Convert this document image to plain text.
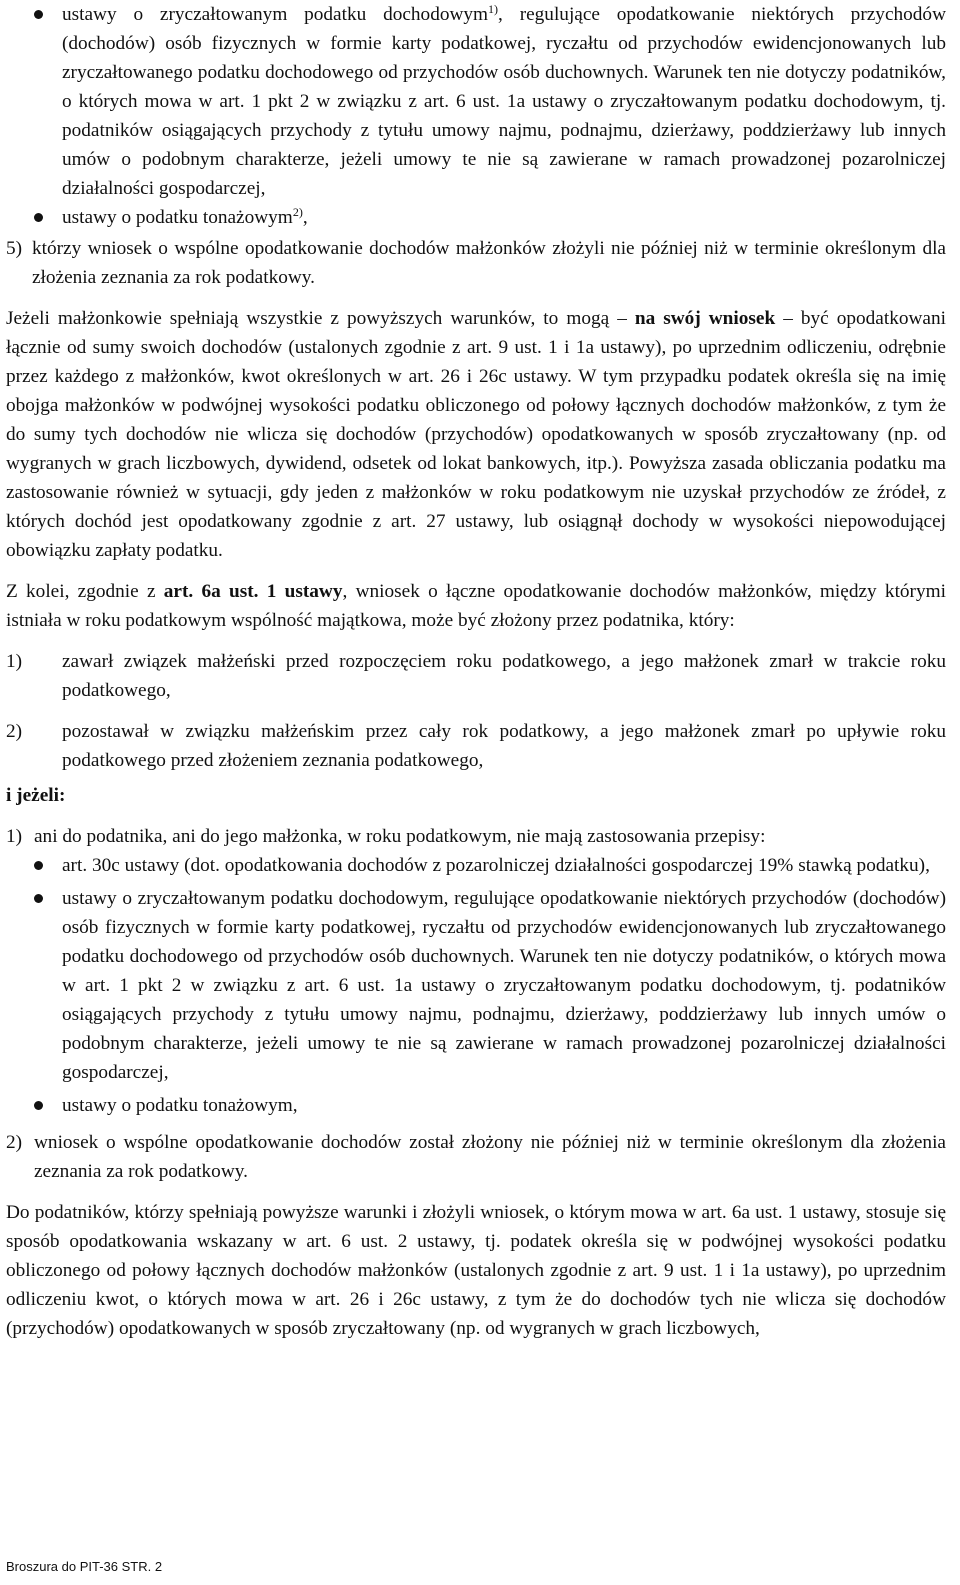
ustawy o zryczałtowanym podatku dochodowym$^{1)}$, regulujące opodatkowanie niektórych przychodów (dochodów) osób fizycznych w formie karty podatkowej, ryczałtu od przychodów ewidencjonowanych lub zryczałtowanego podatku dochodowego od przychodów osób duchownych. Warunek ten nie dotyczy podatników, o których mowa w art. 1 pkt 2 w związku z art. 6 ust. 1a ustawy o zryczałtowanym podatku dochodowym, tj. podatników osiągających przychody z tytułu umowy najmu, podnajmu, dzierżawy, poddzierżawy lub innych umów o podobnym charakterze, jeżeli umowy te nie są zawierane w ramach prowadzonej pozarolniczej działalności gospodarczej,
ustawy o podatku tonażowym$^{2)}$,
5) którzy wniosek o wspólne opodatkowanie dochodów małżonków złożyli nie później niż w terminie określonym dla złożenia zeznania za rok podatkowy.

Jeżeli małżonkowie spełniają wszystkie z powyższych warunków, to mogą – na swój wniosek – być opodatkowani łącznie od sumy swoich dochodów (ustalonych zgodnie z art. 9 ust. 1 i 1a ustawy), po uprzednim odliczeniu, odrębnie przez każdego z małżonków, kwot określonych w art. 26 i 26c ustawy. W tym przypadku podatek określa się na imię obojga małżonków w podwójnej wysokości podatku obliczonego od połowy łącznych dochodów małżonków, z tym że do sumy tych dochodów nie wlicza się dochodów (przychodów) opodatkowanych w sposób zryczałtowany (np. od wygranych w grach liczbowych, dywidend, odsetek od lokat bankowych, itp.). Powyższa zasada obliczania podatku ma zastosowanie również w sytuacji, gdy jeden z małżonków w roku podatkowym nie uzyskał przychodów ze źródeł, z których dochód jest opodatkowany zgodnie z art. 27 ustawy, lub osiągnął dochody w wysokości niepowodującej obowiązku zapłaty podatku.

Z kolei, zgodnie z art. 6a ust. 1 ustawy, wniosek o łączne opodatkowanie dochodów małżonków, między którymi istniała w roku podatkowym wspólność majątkowa, może być złożony przez podatnika, który:

1) zawarł związek małżeński przed rozpoczęciem roku podatkowego, a jego małżonek zmarł w trakcie roku podatkowego,
2) pozostawał w związku małżeńskim przez cały rok podatkowy, a jego małżonek zmarł po upływie roku podatkowego przed złożeniem zeznania podatkowego,

i jeżeli:

1) ani do podatnika, ani do jego małżonka, w roku podatkowym, nie mają zastosowania przepisy:
art. 30c ustawy (dot. opodatkowania dochodów z pozarolniczej działalności gospodarczej 19% stawką podatku),
ustawy o zryczałtowanym podatku dochodowym, regulujące opodatkowanie niektórych przychodów (dochodów) osób fizycznych w formie karty podatkowej, ryczałtu od przychodów ewidencjonowanych lub zryczałtowanego podatku dochodowego od przychodów osób duchownych. Warunek ten nie dotyczy podatników, o których mowa w art. 1 pkt 2 w związku z art. 6 ust. 1a ustawy o zryczałtowanym podatku dochodowym, tj. podatników osiągających przychody z tytułu umowy najmu, podnajmu, dzierżawy, poddzierżawy lub innych umów o podobnym charakterze, jeżeli umowy te nie są zawierane w ramach prowadzonej pozarolniczej działalności gospodarczej,
ustawy o podatku tonażowym,
2) wniosek o wspólne opodatkowanie dochodów został złożony nie później niż w terminie określonym dla złożenia zeznania za rok podatkowy.

Do podatników, którzy spełniają powyższe warunki i złożyli wniosek, o którym mowa w art. 6a ust. 1 ustawy, stosuje się sposób opodatkowania wskazany w art. 6 ust. 2 ustawy, tj. podatek określa się w podwójnej wysokości podatku obliczonego od połowy łącznych dochodów małżonków (ustalonych zgodnie z art. 9 ust. 1 i 1a ustawy), po uprzednim odliczeniu kwot, o których mowa w art. 26 i 26c ustawy, z tym że do dochodów tych nie wlicza się dochodów (przychodów) opodatkowanych w sposób zryczałtowany (np. od wygranych w grach liczbowych,

Broszura do PIT-36 STR. 2
